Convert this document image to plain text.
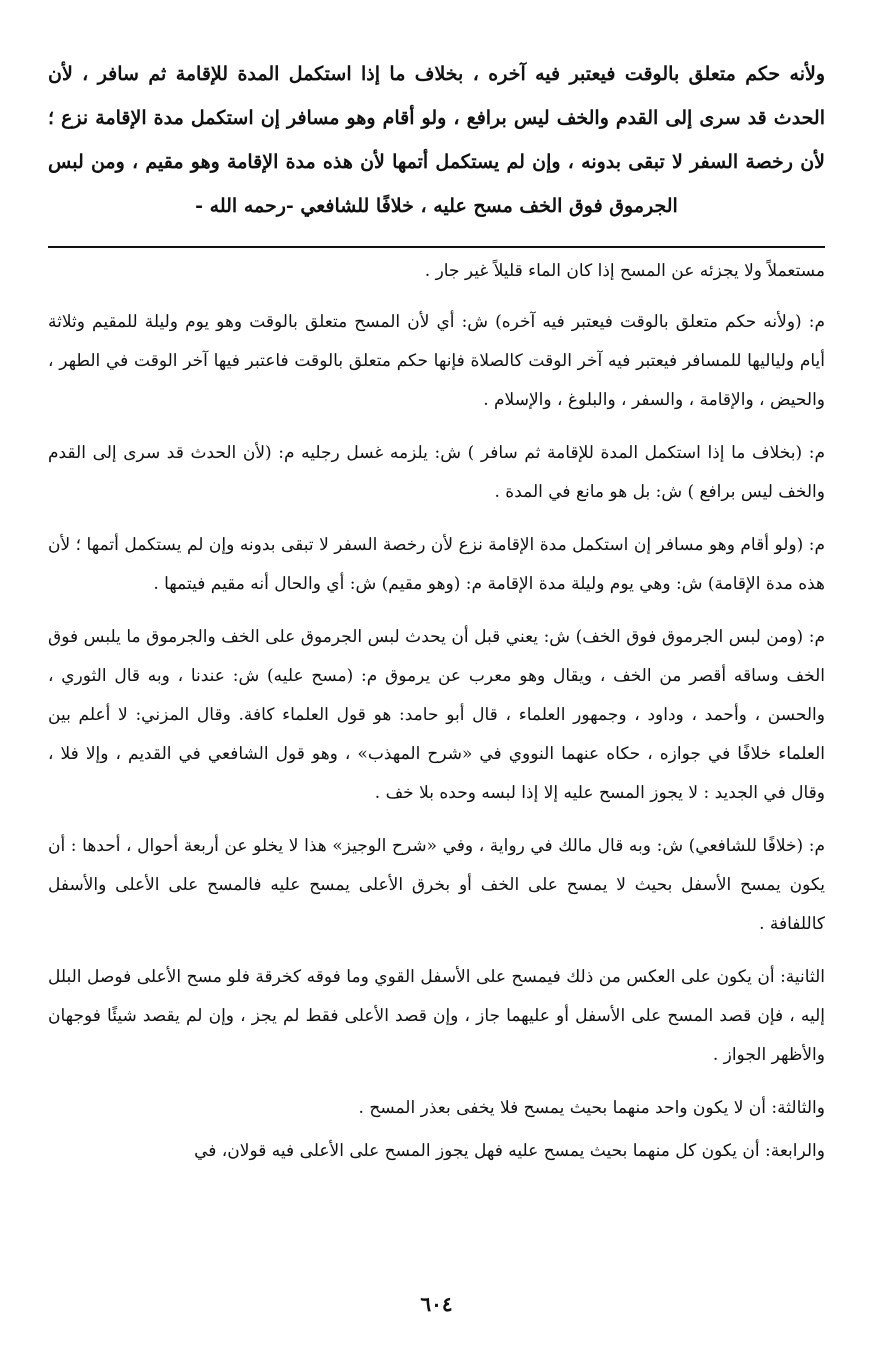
ولأنه حكم متعلق بالوقت فيعتبر فيه آخره ، بخلاف ما إذا استكمل المدة للإقامة ثم سافر ، لأن الحدث قد سرى إلى القدم والخف ليس برافع ، ولو أقام وهو مسافر إن استكمل مدة الإقامة نزع ؛ لأن رخصة السفر لا تبقى بدونه ، وإن لم يستكمل أتمها لأن هذه مدة الإقامة وهو مقيم ، ومن لبس الجرموق فوق الخف مسح عليه ، خلافًا للشافعي -رحمه الله -

مستعملاً ولا يجزئه عن المسح إذا كان الماء قليلاً غير جار .

م: (ولأنه حكم متعلق بالوقت فيعتبر فيه آخره) ش: أي لأن المسح متعلق بالوقت وهو يوم وليلة للمقيم وثلاثة أيام ولياليها للمسافر فيعتبر فيه آخر الوقت كالصلاة فإنها حكم متعلق بالوقت فاعتبر فيها آخر الوقت في الطهر ، والحيض ، والإقامة ، والسفر ، والبلوغ ، والإسلام .

م: (بخلاف ما إذا استكمل المدة للإقامة ثم سافر ) ش: يلزمه غسل رجليه م: (لأن الحدث قد سرى إلى القدم والخف ليس برافع ) ش: بل هو مانع في المدة .

م: (ولو أقام وهو مسافر إن استكمل مدة الإقامة نزع لأن رخصة السفر لا تبقى بدونه وإن لم يستكمل أتمها ؛ لأن هذه مدة الإقامة) ش: وهي يوم وليلة مدة الإقامة م: (وهو مقيم) ش: أي والحال أنه مقيم فيتمها .

م: (ومن لبس الجرموق فوق الخف) ش: يعني قبل أن يحدث لبس الجرموق على الخف والجرموق ما يلبس فوق الخف وساقه أقصر من الخف ، ويقال وهو معرب عن يرموق م: (مسح عليه) ش: عندنا ، وبه قال الثوري ، والحسن ، وأحمد ، وداود ، وجمهور العلماء ، قال أبو حامد: هو قول العلماء كافة. وقال المزني: لا أعلم بين العلماء خلافًا في جوازه ، حكاه عنهما النووي في «شرح المهذب» ، وهو قول الشافعي في القديم ، وإلا فلا ، وقال في الجديد : لا يجوز المسح عليه إلا إذا لبسه وحده بلا خف .

م: (خلافًا للشافعي) ش: وبه قال مالك في رواية ، وفي «شرح الوجيز» هذا لا يخلو عن أربعة أحوال ، أحدها : أن يكون يمسح الأسفل بحيث لا يمسح على الخف أو بخرق الأعلى يمسح عليه فالمسح على الأعلى والأسفل كاللفافة .

الثانية: أن يكون على العكس من ذلك فيمسح على الأسفل القوي وما فوقه كخرقة فلو مسح الأعلى فوصل البلل إليه ، فإن قصد المسح على الأسفل أو عليهما جاز ، وإن قصد الأعلى فقط لم يجز ، وإن لم يقصد شيئًا فوجهان والأظهر الجواز .

والثالثة: أن لا يكون واحد منهما بحيث يمسح فلا يخفى بعذر المسح .

والرابعة: أن يكون كل منهما بحيث يمسح عليه فهل يجوز المسح على الأعلى فيه قولان، في

٦٠٤
